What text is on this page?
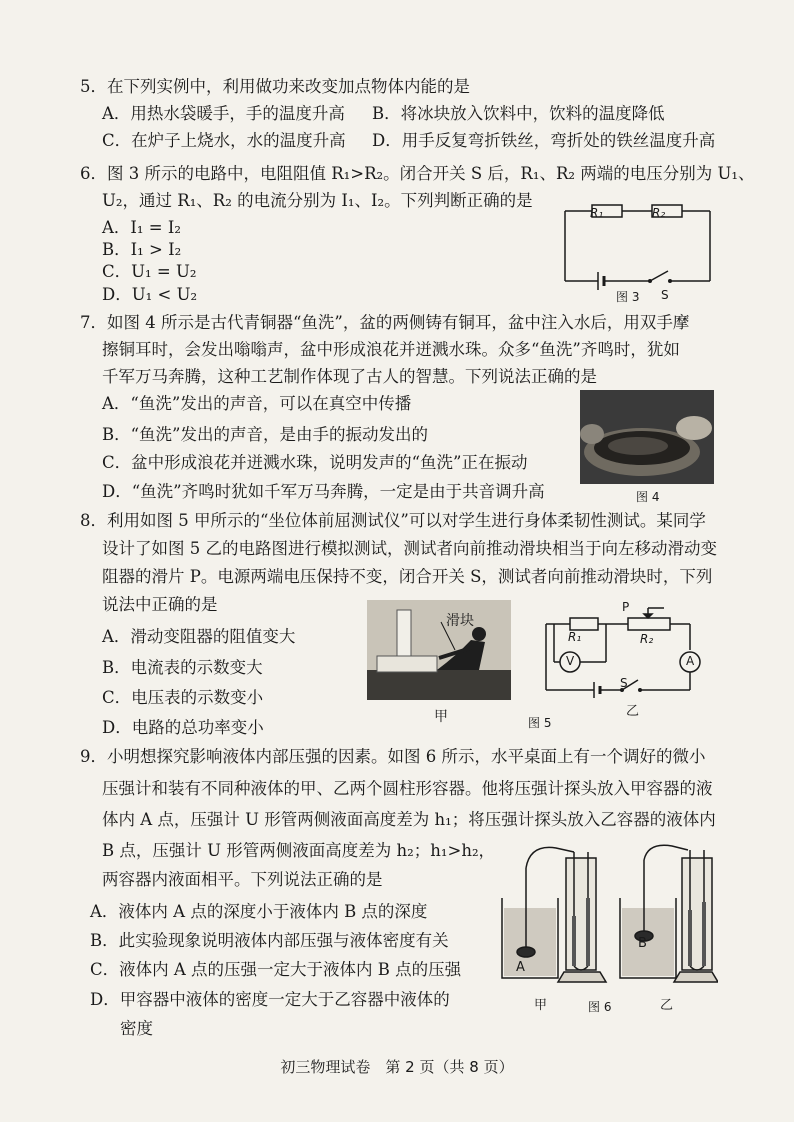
5．在下列实例中，利用做功来改变加点物体内能的是
A．用热水袋暖手，手的温度升高 B．将冰块放入饮料中，饮料的温度降低
C．在炉子上烧水，水的温度升高 D．用手反复弯折铁丝，弯折处的铁丝温度升高
6．图 3 所示的电路中，电阻阻值 R₁>R₂。闭合开关 S 后，R₁、R₂ 两端的电压分别为 U₁、
U₂，通过 R₁、R₂ 的电流分别为 I₁、I₂。下列判断正确的是
A．I₁ = I₂
B．I₁ > I₂
C．U₁ = U₂
D．U₁ < U₂
R₁	R₂
S
图 3
7．如图 4 所示是古代青铜器“鱼洗”，盆的两侧铸有铜耳，盆中注入水后，用双手摩
擦铜耳时，会发出嗡嗡声，盆中形成浪花并迸溅水珠。众多“鱼洗”齐鸣时，犹如
千军万马奔腾，这种工艺制作体现了古人的智慧。下列说法正确的是
A．“鱼洗”发出的声音，可以在真空中传播
B．“鱼洗”发出的声音，是由手的振动发出的
C．盆中形成浪花并迸溅水珠，说明发声的“鱼洗”正在振动
D．“鱼洗”齐鸣时犹如千军万马奔腾，一定是由于共音调升高	图 4
8．利用如图 5 甲所示的“坐位体前屈测试仪”可以对学生进行身体柔韧性测试。某同学
设计了如图 5 乙的电路图进行模拟测试，测试者向前推动滑块相当于向左移动滑动变
阻器的滑片 P。电源两端电压保持不变，闭合开关 S，测试者向前推动滑块时，下列
说法中正确的是
A．滑动变阻器的阻值变大
B．电流表的示数变大
C．电压表的示数变小
D．电路的总功率变小
滑块
甲
P
R₁	R₂
V	A
S
乙
图 5
9．小明想探究影响液体内部压强的因素。如图 6 所示，水平桌面上有一个调好的微小
压强计和装有不同种液体的甲、乙两个圆柱形容器。他将压强计探头放入甲容器的液
体内 A 点，压强计 U 形管两侧液面高度差为 h₁；将压强计探头放入乙容器的液体内
B 点，压强计 U 形管两侧液面高度差为 h₂；h₁>h₂，
两容器内液面相平。下列说法正确的是
A．液体内 A 点的深度小于液体内 B 点的深度
B．此实验现象说明液体内部压强与液体密度有关
C．液体内 A 点的压强一定大于液体内 B 点的压强
D．甲容器中液体的密度一定大于乙容器中液体的
密度
A
B
甲	乙
图 6
初三物理试卷　第 2 页（共 8 页）
